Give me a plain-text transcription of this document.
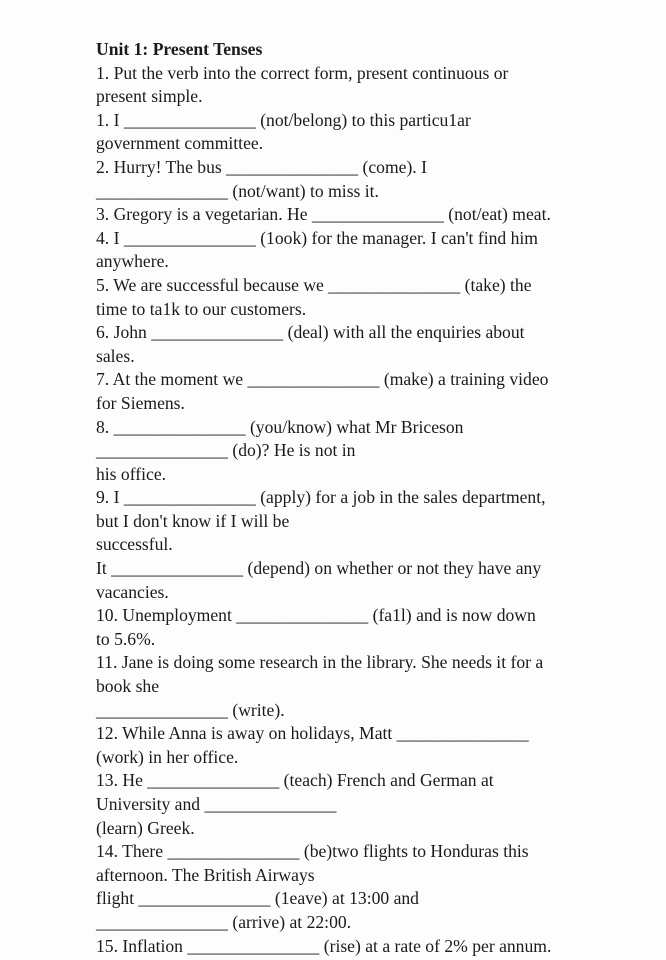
Unit 1: Present Tenses

1. Put the verb into the correct form, present continuous or

present simple.

1. I _______________ (not/belong) to this particu1ar

government committee.

2. Hurry! The bus _______________ (come). I

_______________ (not/want) to miss it.

3. Gregory is a vegetarian. He _______________ (not/eat) meat.

4. I _______________ (1ook) for the manager. I can't find him

anywhere.

5. We are successful because we _______________ (take) the

time to ta1k to our customers.

6. John _______________ (deal) with all the enquiries about

sales.

7. At the moment we _______________ (make) a training video

for Siemens.

8. _______________ (you/know) what Mr Briceson

_______________ (do)? He is not in

his office.

9. I _______________ (apply) for a job in the sales department,

but I don't know if I will be

successful.

It _______________ (depend) on whether or not they have any

vacancies.

10. Unemployment _______________ (fa1l) and is now down

to 5.6%.

11. Jane is doing some research in the library. She needs it for a

book she

_______________ (write).

12. While Anna is away on holidays, Matt _______________

(work) in her office.

13. He _______________ (teach) French and German at

University and _______________

(learn) Greek.

14. There _______________ (be)two flights to Honduras this

afternoon. The British Airways

flight _______________ (1eave) at 13:00 and

_______________ (arrive) at 22:00.

15. Inflation _______________ (rise) at a rate of 2% per annum.
